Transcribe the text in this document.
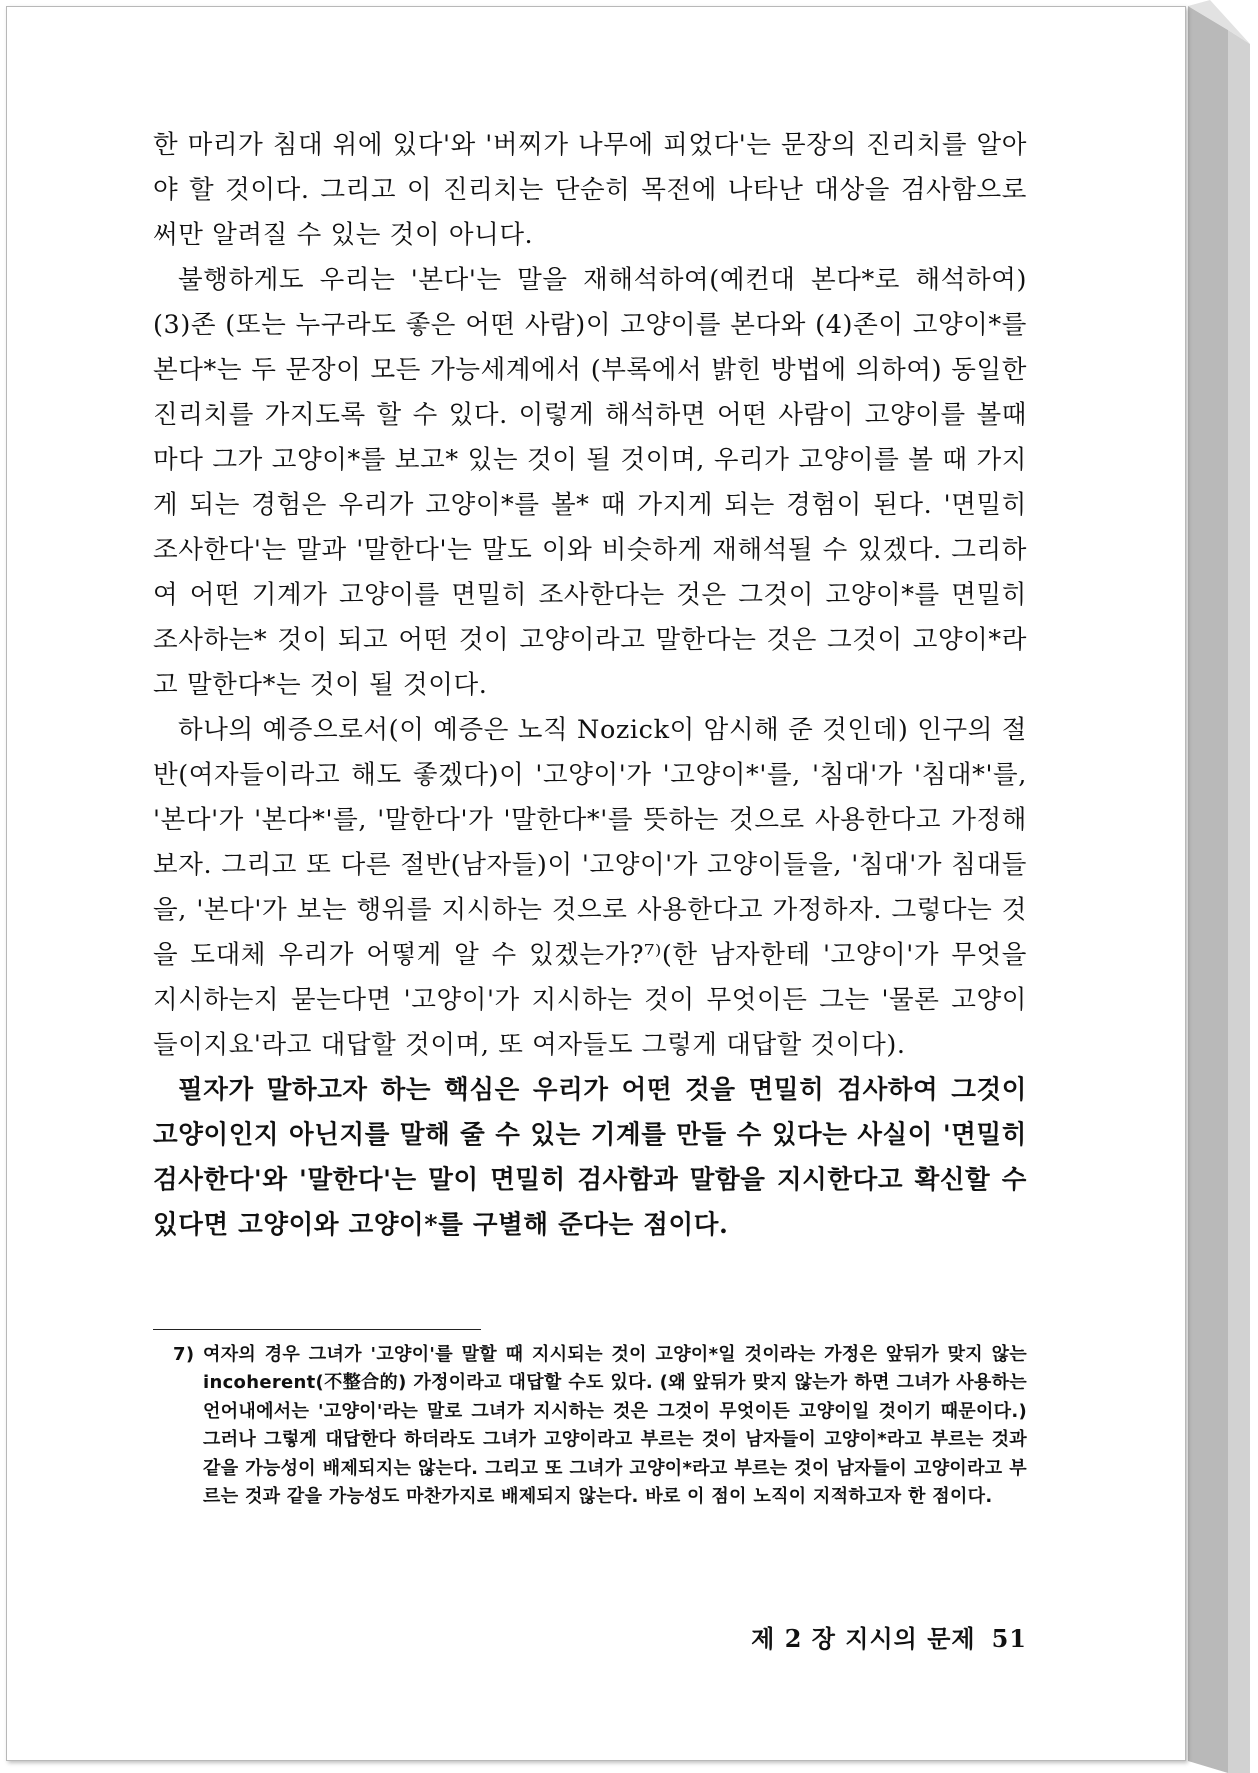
한 마리가 침대 위에 있다'와 '버찌가 나무에 피었다'는 문장의 진리치를 알아야 할 것이다. 그리고 이 진리치는 단순히 목전에 나타난 대상을 검사함으로써만 알려질 수 있는 것이 아니다.

불행하게도 우리는 '본다'는 말을 재해석하여(예컨대 본다*로 해석하여) (3)존 (또는 누구라도 좋은 어떤 사람)이 고양이를 본다와 (4)존이 고양이*를 본다*는 두 문장이 모든 가능세계에서 (부록에서 밝힌 방법에 의하여) 동일한 진리치를 가지도록 할 수 있다. 이렇게 해석하면 어떤 사람이 고양이를 볼때마다 그가 고양이*를 보고* 있는 것이 될 것이며, 우리가 고양이를 볼 때 가지게 되는 경험은 우리가 고양이*를 볼* 때 가지게 되는 경험이 된다. '면밀히 조사한다'는 말과 '말한다'는 말도 이와 비슷하게 재해석될 수 있겠다. 그리하여 어떤 기계가 고양이를 면밀히 조사한다는 것은 그것이 고양이*를 면밀히 조사하는* 것이 되고 어떤 것이 고양이라고 말한다는 것은 그것이 고양이*라고 말한다*는 것이 될 것이다.

하나의 예증으로서(이 예증은 노직 Nozick이 암시해 준 것인데) 인구의 절반(여자들이라고 해도 좋겠다)이 '고양이'가 '고양이*'를, '침대'가 '침대*'를, '본다'가 '본다*'를, '말한다'가 '말한다*'를 뜻하는 것으로 사용한다고 가정해 보자. 그리고 또 다른 절반(남자들)이 '고양이'가 고양이들을, '침대'가 침대들을, '본다'가 보는 행위를 지시하는 것으로 사용한다고 가정하자. 그렇다는 것을 도대체 우리가 어떻게 알 수 있겠는가?⁷⁾(한 남자한테 '고양이'가 무엇을 지시하는지 묻는다면 '고양이'가 지시하는 것이 무엇이든 그는 '물론 고양이들이지요'라고 대답할 것이며, 또 여자들도 그렇게 대답할 것이다).

필자가 말하고자 하는 핵심은 우리가 어떤 것을 면밀히 검사하여 그것이 고양이인지 아닌지를 말해 줄 수 있는 기계를 만들 수 있다는 사실이 '면밀히 검사한다'와 '말한다'는 말이 면밀히 검사함과 말함을 지시한다고 확신할 수 있다면 고양이와 고양이*를 구별해 준다는 점이다.

7) 여자의 경우 그녀가 '고양이'를 말할 때 지시되는 것이 고양이*일 것이라는 가정은 앞뒤가 맞지 않는 incoherent(不整合的) 가정이라고 대답할 수도 있다. (왜 앞뒤가 맞지 않는가 하면 그녀가 사용하는 언어내에서는 '고양이'라는 말로 그녀가 지시하는 것은 그것이 무엇이든 고양이일 것이기 때문이다.) 그러나 그렇게 대답한다 하더라도 그녀가 고양이라고 부르는 것이 남자들이 고양이*라고 부르는 것과 같을 가능성이 배제되지는 않는다. 그리고 또 그녀가 고양이*라고 부르는 것이 남자들이 고양이라고 부르는 것과 같을 가능성도 마찬가지로 배제되지 않는다. 바로 이 점이 노직이 지적하고자 한 점이다.
제 2 장 지시의 문제 51
